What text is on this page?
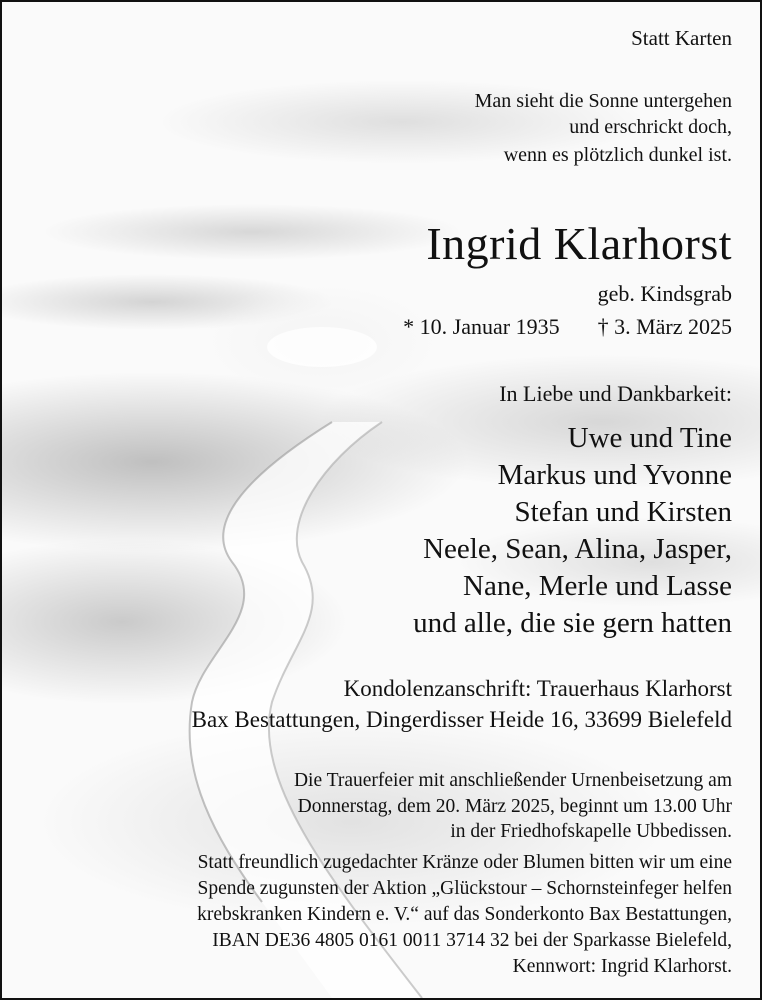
Statt Karten
Man sieht die Sonne untergehen
und erschrickt doch,
wenn es plötzlich dunkel ist.
Ingrid Klarhorst
geb. Kindsgrab
* 10. Januar 1935 † 3. März 2025
In Liebe und Dankbarkeit:
Uwe und Tine
Markus und Yvonne
Stefan und Kirsten
Neele, Sean, Alina, Jasper,
Nane, Merle und Lasse
und alle, die sie gern hatten
Kondolenzanschrift: Trauerhaus Klarhorst
Bax Bestattungen, Dingerdisser Heide 16, 33699 Bielefeld
Die Trauerfeier mit anschließender Urnenbeisetzung am
Donnerstag, dem 20. März 2025, beginnt um 13.00 Uhr
in der Friedhofskapelle Ubbedissen.
Statt freundlich zugedachter Kränze oder Blumen bitten wir um eine
Spende zugunsten der Aktion „Glückstour – Schornsteinfeger helfen
krebskranken Kindern e. V.“ auf das Sonderkonto Bax Bestattungen,
IBAN DE36 4805 0161 0011 3714 32 bei der Sparkasse Bielefeld,
Kennwort: Ingrid Klarhorst.
